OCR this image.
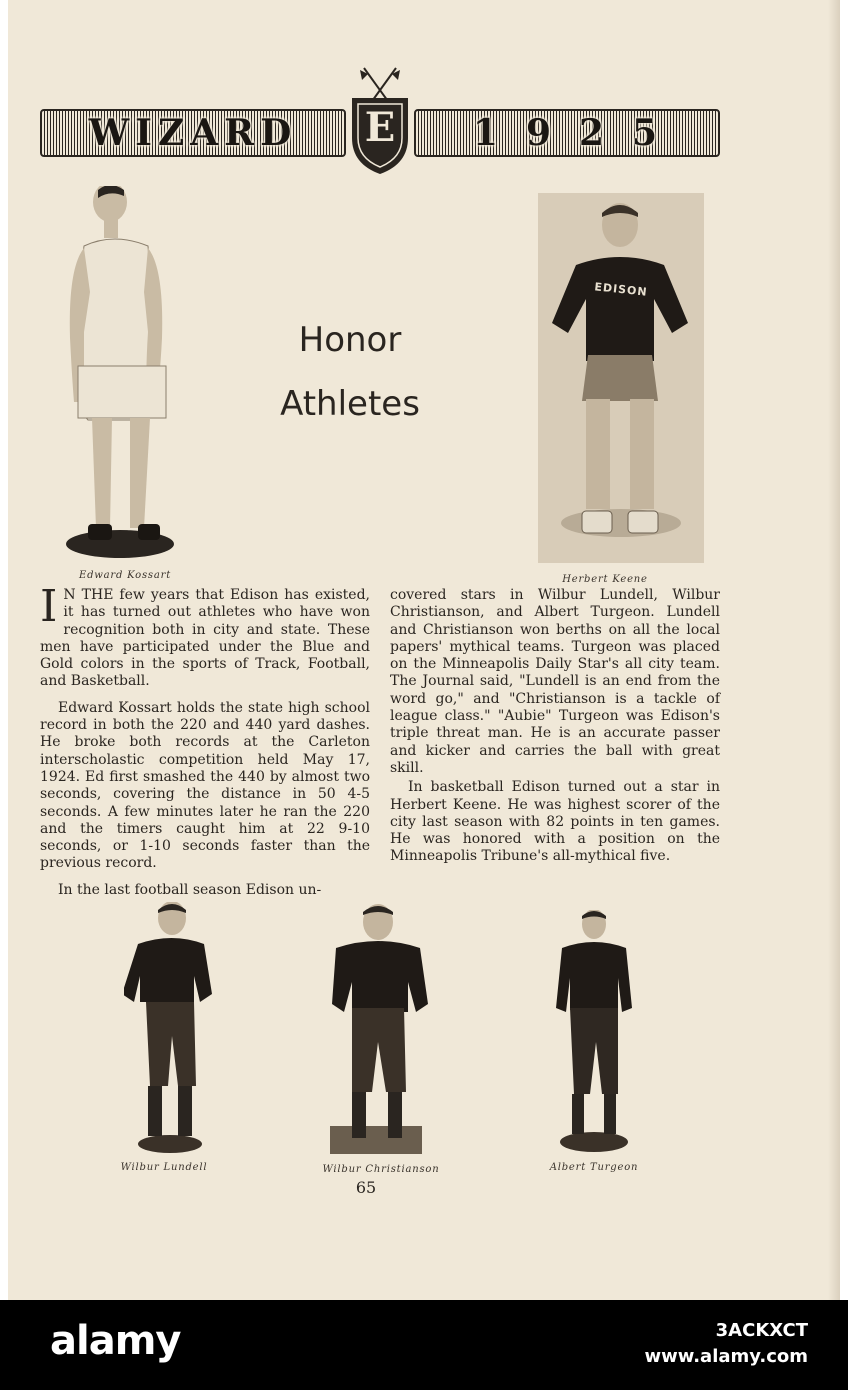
WIZARD	1925
E
Honor
Athletes
Edward Kossart
EDISON
Herbert Keene

I N THE few years that Edison has existed, it has turned out athletes who have won recognition both in city and state. These men have participated under the Blue and Gold colors in the sports of Track, Football, and Basketball.

Edward Kossart holds the state high school record in both the 220 and 440 yard dashes. He broke both records at the Carleton interscholastic competition held May 17, 1924. Ed first smashed the 440 by almost two seconds, covering the distance in 50 4-5 seconds. A few minutes later he ran the 220 and the timers caught him at 22 9-10 seconds, or 1-10 seconds faster than the previous record.

In the last football season Edison un-

covered stars in Wilbur Lundell, Wilbur Christianson, and Albert Turgeon. Lundell and Christianson won berths on all the local papers' mythical teams. Turgeon was placed on the Minneapolis Daily Star's all city team. The Journal said, "Lundell is an end from the word go," and "Christianson is a tackle of league class." "Aubie" Turgeon was Edison's triple threat man. He is an accurate passer and kicker and carries the ball with great skill.

In basketball Edison turned out a star in Herbert Keene. He was highest scorer of the city last season with 82 points in ten games. He was honored with a position on the Minneapolis Tribune's all-mythical five.

Wilbur Lundell	Wilbur Christianson	Albert Turgeon
65
alamy	3ACKXCT
www.alamy.com
